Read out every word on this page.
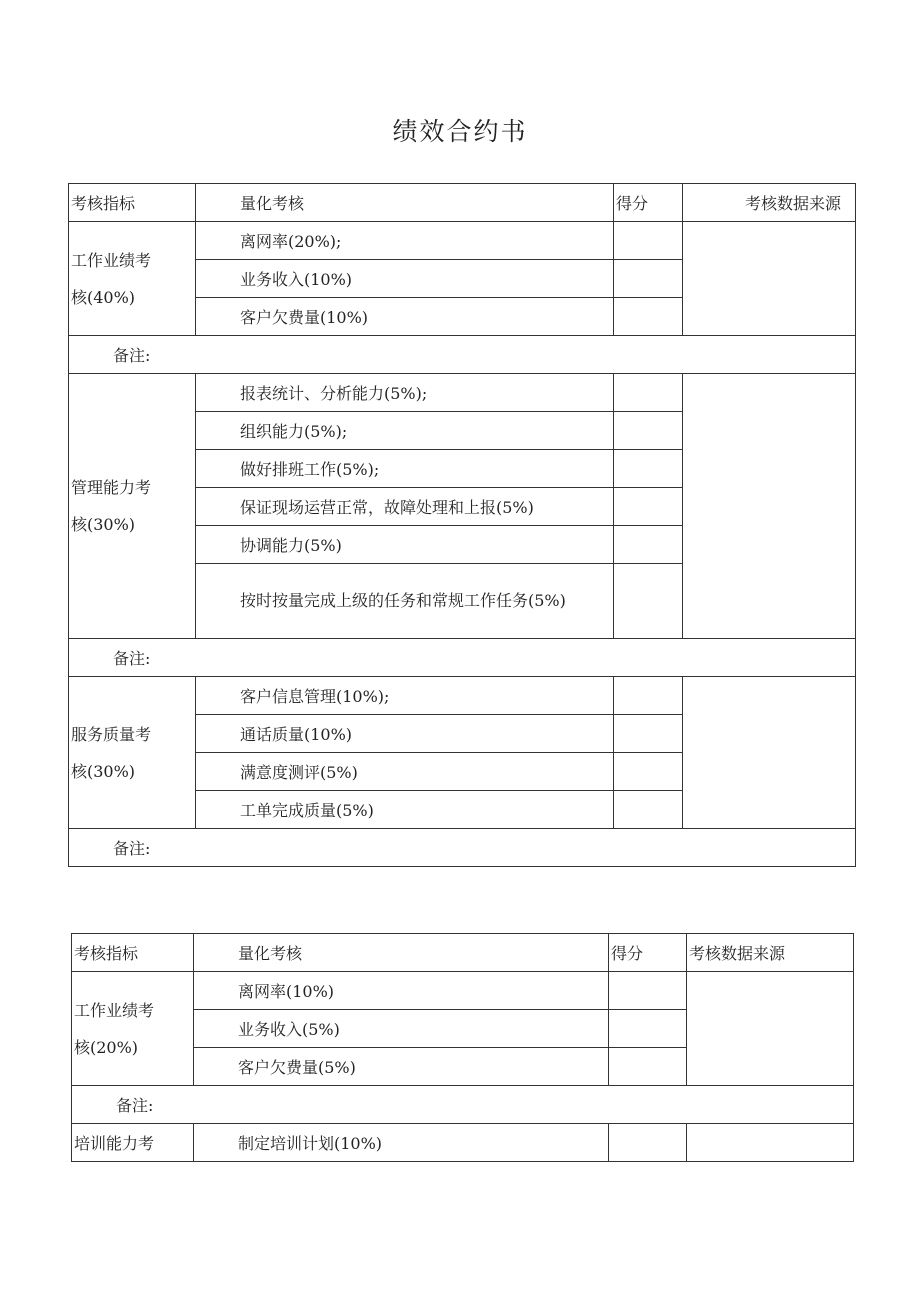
绩效合约书
考核指标	量化考核	得分	考核数据来源

工作业绩考
核(40%)	离网率(20%);		
	业务收入(10%)		
	客户欠费量(10%)		
备注:			

管理能力考
核(30%)	报表统计、分析能力(5%);		
	组织能力(5%);		
	做好排班工作(5%);		
	保证现场运营正常，故障处理和上报(5%)		
	协调能力(5%)		
	按时按量完成上级的任务和常规工作任务(5%)		
备注:			

服务质量考
核(30%)	客户信息管理(10%);		
	通话质量(10%)		
	满意度测评(5%)		
	工单完成质量(5%)		
备注:			
考核指标	量化考核	得分	考核数据来源

工作业绩考
核(20%)	离网率(10%)		
	业务收入(5%)		
	客户欠费量(5%)		
备注:			
培训能力考	制定培训计划(10%)		
